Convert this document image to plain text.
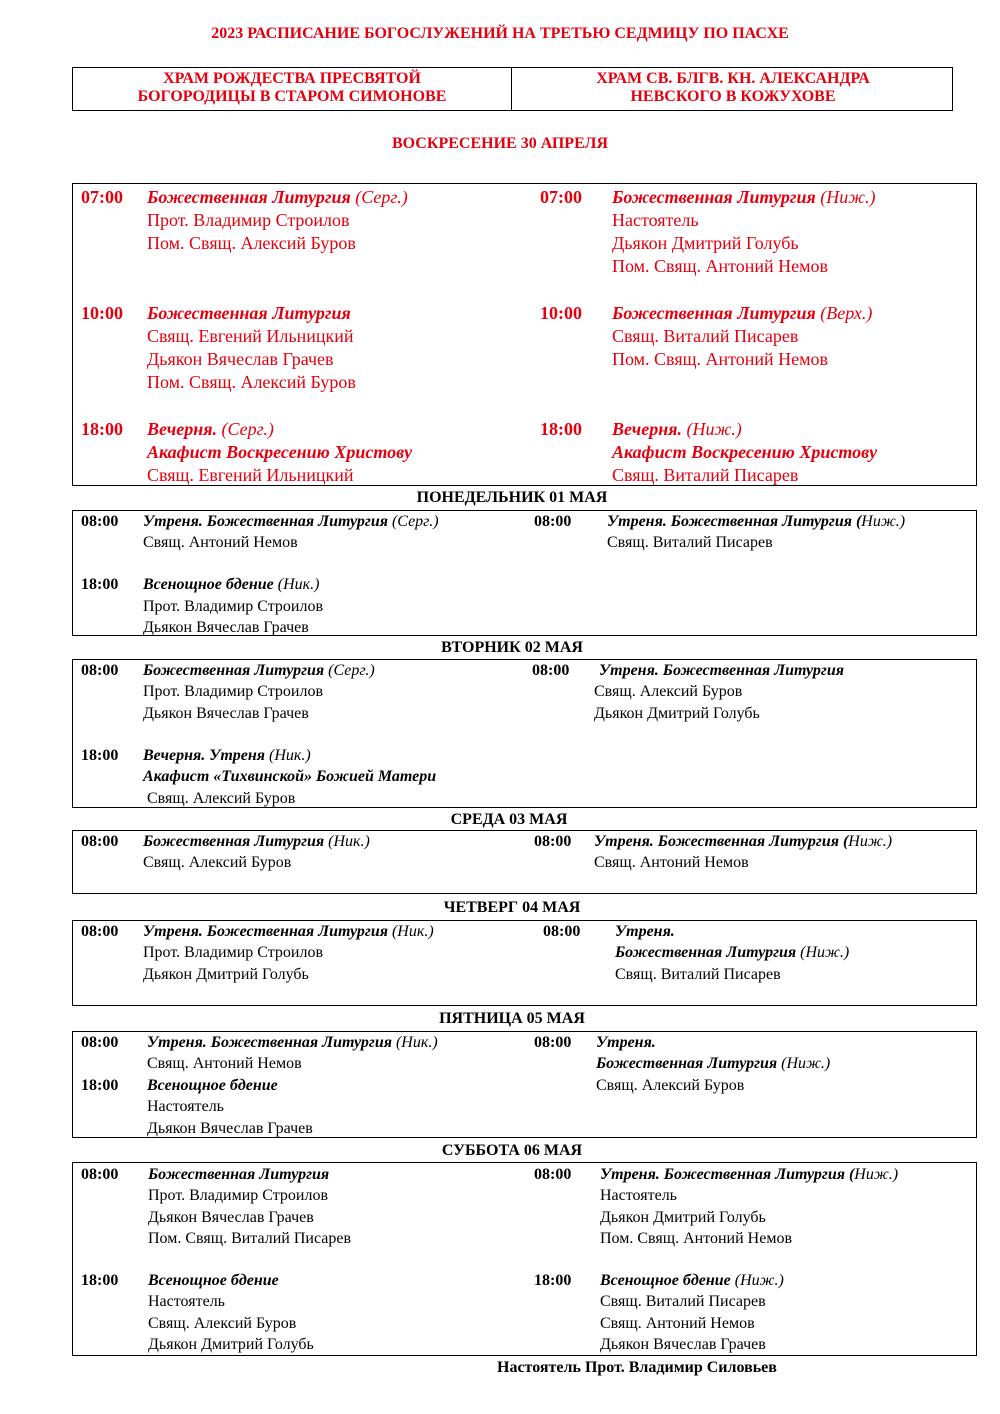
2023 РАСПИСАНИЕ БОГОСЛУЖЕНИЙ НА ТРЕТЬЮ СЕДМИЦУ ПО ПАСХЕ
ХРАМ РОЖДЕСТВА ПРЕСВЯТОЙ
БОГОРОДИЦЫ В СТАРОМ СИМОНОВЕ
ХРАМ СВ. БЛГВ. КН. АЛЕКСАНДРА
НЕВСКОГО В КОЖУХОВЕ
ВОСКРЕСЕНИЕ 30 АПРЕЛЯ
07:00 Божественная Литургия (Серг.)
Прот. Владимир Строилов
Пом. Свящ. Алексий Буров
10:00 Божественная Литургия
Свящ. Евгений Ильницкий
Дьякон Вячеслав Грачев
Пом. Свящ. Алексий Буров
18:00 Вечерня. (Серг.)
Акафист Воскресению Христову
Свящ. Евгений Ильницкий
07:00 Божественная Литургия (Ниж.)
Настоятель
Дьякон Дмитрий Голубь
Пом. Свящ. Антоний Немов
10:00 Божественная Литургия (Верх.)
Свящ. Виталий Писарев
Пом. Свящ. Антоний Немов
18:00 Вечерня. (Ниж.)
Акафист Воскресению Христову
Свящ. Виталий Писарев
ПОНЕДЕЛЬНИК 01 МАЯ
08:00 Утреня. Божественная Литургия (Серг.)
Свящ. Антоний Немов
18:00 Всенощное бдение (Ник.)
Прот. Владимир Строилов
Дьякон Вячеслав Грачев
08:00 Утреня. Божественная Литургия (Ниж.)
Свящ. Виталий Писарев
ВТОРНИК 02 МАЯ
08:00 Божественная Литургия (Серг.)
Прот. Владимир Строилов
Дьякон Вячеслав Грачев
18:00 Вечерня. Утреня (Ник.)
Акафист «Тихвинской» Божией Матери
Свящ. Алексий Буров
08:00 Утреня. Божественная Литургия
Свящ. Алексий Буров
Дьякон Дмитрий Голубь
СРЕДА 03 МАЯ
08:00 Божественная Литургия (Ник.)
Свящ. Алексий Буров
08:00 Утреня. Божественная Литургия (Ниж.)
Свящ. Антоний Немов
ЧЕТВЕРГ 04 МАЯ
08:00 Утреня. Божественная Литургия (Ник.)
Прот. Владимир Строилов
Дьякон Дмитрий Голубь
08:00 Утреня.
Божественная Литургия (Ниж.)
Свящ. Виталий Писарев
ПЯТНИЦА 05 МАЯ
08:00 Утреня. Божественная Литургия (Ник.)
Свящ. Антоний Немов
18:00 Всенощное бдение
Настоятель
Дьякон Вячеслав Грачев
08:00 Утреня.
Божественная Литургия (Ниж.)
Свящ. Алексий Буров
СУББОТА 06 МАЯ
08:00 Божественная Литургия
Прот. Владимир Строилов
Дьякон Вячеслав Грачев
Пом. Свящ. Виталий Писарев
18:00 Всенощное бдение
Настоятель
Свящ. Алексий Буров
Дьякон Дмитрий Голубь
08:00 Утреня. Божественная Литургия (Ниж.)
Настоятель
Дьякон Дмитрий Голубь
Пом. Свящ. Антоний Немов
18:00 Всенощное бдение (Ниж.)
Свящ. Виталий Писарев
Свящ. Антоний Немов
Дьякон Вячеслав Грачев
Настоятель Прот. Владимир Силовьев
